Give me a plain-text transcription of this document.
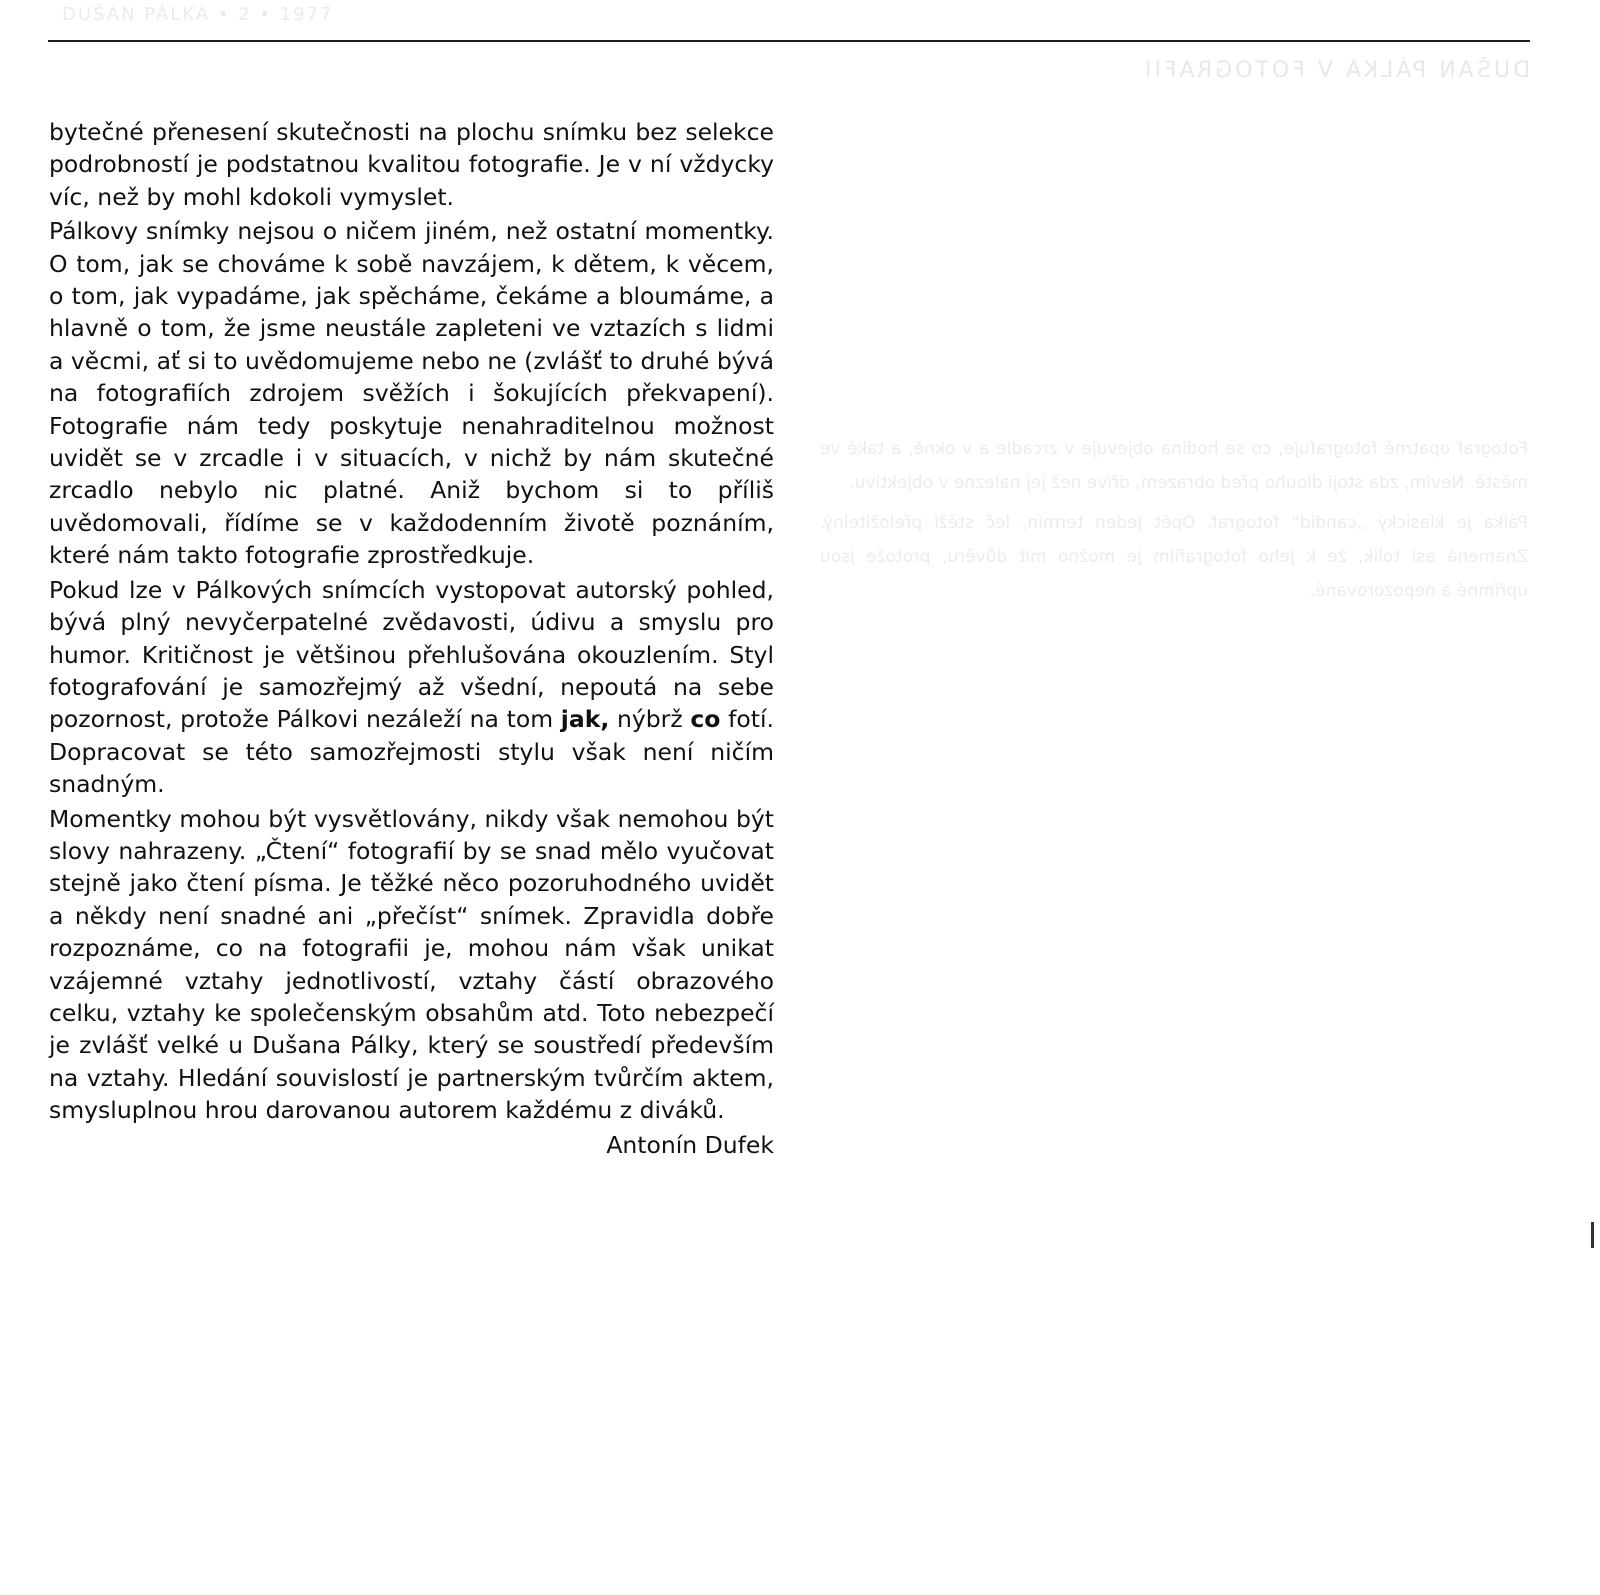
DUŠAN PÁLKA • 2 • 1977
DUŠAN PÁLKA V FOTOGRAFII

Fotograf opatrně fotografuje, co se hodina objevuje v zrcadle a v okně, a také ve městě. Nevím, zda stojí dlouho před obrazem, dříve než jej nalezne v objektivu.

Pálka je klasický „candid“ fotograf. Opět jeden termín, leč stěží přeložitelný. Znamená asi tolik, že k jeho fotografiím je možno mít důvěru, protože jsou upřímné a nepozorované.

bytečné přenesení skutečnosti na plochu snímku bez selekce podrobností je podstatnou kvalitou fotografie. Je v ní vždycky víc, než by mohl kdokoli vymyslet.

Pálkovy snímky nejsou o ničem jiném, než ostatní momentky. O tom, jak se chováme k sobě navzájem, k dětem, k věcem, o tom, jak vypadáme, jak spěcháme, čekáme a bloumáme, a hlavně o tom, že jsme neustále zapleteni ve vztazích s lidmi a věcmi, ať si to uvědomujeme nebo ne (zvlášť to druhé bývá na fotografiích zdrojem svěžích i šokujících překvapení). Fotografie nám tedy poskytuje nenahraditelnou možnost uvidět se v zrcadle i v situacích, v nichž by nám skutečné zrcadlo nebylo nic platné. Aniž bychom si to příliš uvědomovali, řídíme se v každodenním životě poznáním, které nám takto fotografie zprostředkuje.

Pokud lze v Pálkových snímcích vystopovat autorský pohled, bývá plný nevyčerpatelné zvědavosti, údivu a smyslu pro humor. Kritičnost je většinou přehlušována okouzlením. Styl fotografování je samozřejmý až všední, nepoutá na sebe pozornost, protože Pálkovi nezáleží na tom jak, nýbrž co fotí. Dopracovat se této samozřejmosti stylu však není ničím snadným.

Momentky mohou být vysvětlovány, nikdy však nemohou být slovy nahrazeny. „Čtení“ fotografií by se snad mělo vyučovat stejně jako čtení písma. Je těžké něco pozoruhodného uvidět a někdy není snadné ani „přečíst“ snímek. Zpravidla dobře rozpoznáme, co na fotografii je, mohou nám však unikat vzájemné vztahy jednotlivostí, vztahy částí obrazového celku, vztahy ke společenským obsahům atd. Toto nebezpečí je zvlášť velké u Dušana Pálky, který se soustředí především na vztahy. Hledání souvislostí je partnerským tvůrčím aktem, smysluplnou hrou darovanou autorem každému z diváků.

Antonín Dufek
